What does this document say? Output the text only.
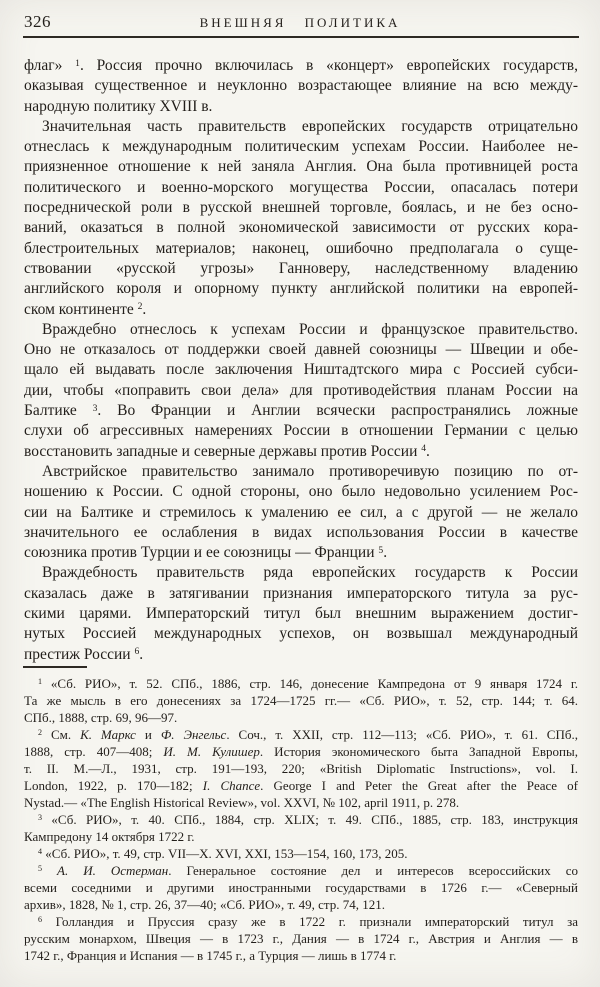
326	ВНЕШНЯЯ ПОЛИТИКА
флаг» $^1$. Россия прочно включилась в «концерт» европейских государств,
оказывая существенное и неуклонно возрастающее влияние на всю между-
народную политику XVIII в.
Значительная часть правительств европейских государств отрицательно
отнеслась к международным политическим успехам России. Наиболее не-
приязненное отношение к ней заняла Англия. Она была противницей роста
политического и военно-морского могущества России, опасалась потери
посреднической роли в русской внешней торговле, боялась, и не без осно-
ваний, оказаться в полной экономической зависимости от русских кора-
блестроительных материалов; наконец, ошибочно предполагала о суще-
ствовании «русской угрозы» Ганноверу, наследственному владению
английского короля и опорному пункту английской политики на европей-
ском континенте $^2$.
Враждебно отнеслось к успехам России и французское правительство.
Оно не отказалось от поддержки своей давней союзницы — Швеции и обе-
щало ей выдавать после заключения Ништадтского мира с Россией субси-
дии, чтобы «поправить свои дела» для противодействия планам России на
Балтике $^3$. Во Франции и Англии всячески распространялись ложные
слухи об агрессивных намерениях России в отношении Германии с целью
восстановить западные и северные державы против России $^4$.
Австрийское правительство занимало противоречивую позицию по от-
ношению к России. С одной стороны, оно было недовольно усилением Рос-
сии на Балтике и стремилось к умалению ее сил, а с другой — не желало
значительного ее ослабления в видах использования России в качестве
союзника против Турции и ее союзницы — Франции $^5$.
Враждебность правительств ряда европейских государств к России
сказалась даже в затягивании признания императорского титула за рус-
скими царями. Императорский титул был внешним выражением достиг-
нутых Россией международных успехов, он возвышал международный
престиж России $^6$.
$^1$ «Сб. РИО», т. 52. СПб., 1886, стр. 146, донесение Кампредона от 9 января 1724 г.
Та же мысль в его донесениях за 1724—1725 гг.— «Сб. РИО», т. 52, стр. 144; т. 64.
СПб., 1888, стр. 69, 96—97.
$^2$ См. К. Маркс и Ф. Энгельс. Соч., т. XXII, стр. 112—113; «Сб. РИО», т. 61. СПб.,
1888, стр. 407—408; И. М. Кулишер. История экономического быта Западной Европы,
т. II. М.—Л., 1931, стр. 191—193, 220; «British Diplomatic Instructions», vol. I.
London, 1922, p. 170—182; I. Chance. George I and Peter the Great after the Peace of
Nystad.— «The English Historical Review», vol. XXVI, № 102, april 1911, p. 278.
$^3$ «Сб. РИО», т. 40. СПб., 1884, стр. XLIX; т. 49. СПб., 1885, стр. 183, инструкция
Кампредону 14 октября 1722 г.
$^4$ «Сб. РИО», т. 49, стр. VII—X. XVI, XXI, 153—154, 160, 173, 205.
$^5$ А. И. Остерман. Генеральное состояние дел и интересов всероссийских со
всеми соседними и другими иностранными государствами в 1726 г.— «Северный
архив», 1828, № 1, стр. 26, 37—40; «Сб. РИО», т. 49, стр. 74, 121.
$^6$ Голландия и Пруссия сразу же в 1722 г. признали императорский титул за
русским монархом, Швеция — в 1723 г., Дания — в 1724 г., Австрия и Англия — в
1742 г., Франция и Испания — в 1745 г., а Турция — лишь в 1774 г.
